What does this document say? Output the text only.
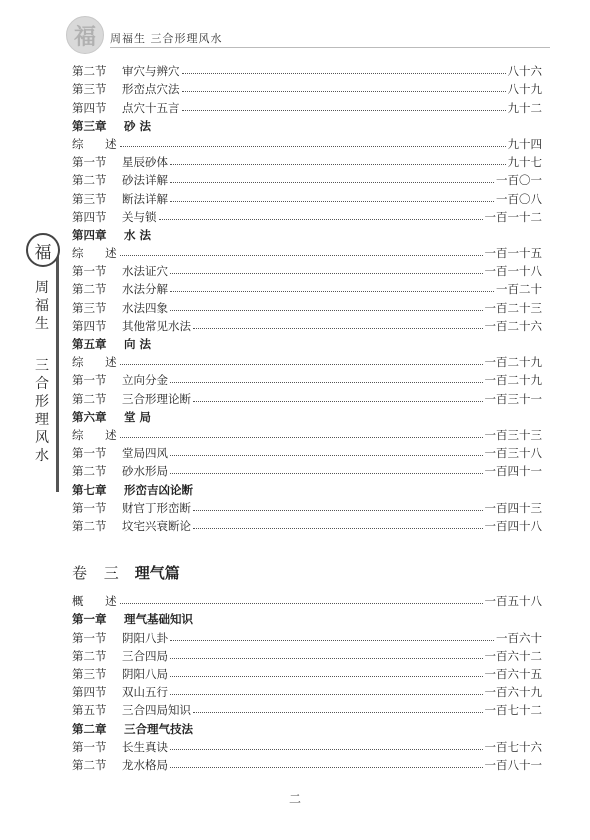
福 周福生 三合形理风水
福
周福生
三合形理风水
第二节	审穴与辨穴	八十六
第三节	形峦点穴法	八十九
第四节	点穴十五言	九十二
第三章	砂 法
综 述	九十四
第一节	星辰砂体	九十七
第二节	砂法详解	一百〇一
第三节	断法详解	一百〇八
第四节	关与锁	一百一十二
第四章	水 法
综 述	一百一十五
第一节	水法证穴	一百一十八
第二节	水法分解	一百二十
第三节	水法四象	一百二十三
第四节	其他常见水法	一百二十六
第五章	向 法
综 述	一百二十九
第一节	立向分金	一百二十九
第二节	三合形理论断	一百三十一
第六章	堂 局
综 述	一百三十三
第一节	堂局四风	一百三十八
第二节	砂水形局	一百四十一
第七章	形峦吉凶论断
第一节	财官丁形峦断	一百四十三
第二节	坟宅兴衰断论	一百四十八
卷 三 理气篇
概 述	一百五十八
第一章	理气基础知识
第一节	阴阳八卦	一百六十
第二节	三合四局	一百六十二
第三节	阴阳八局	一百六十五
第四节	双山五行	一百六十九
第五节	三合四局知识	一百七十二
第二章	三合理气技法
第一节	长生真诀	一百七十六
第二节	龙水格局	一百八十一
二
